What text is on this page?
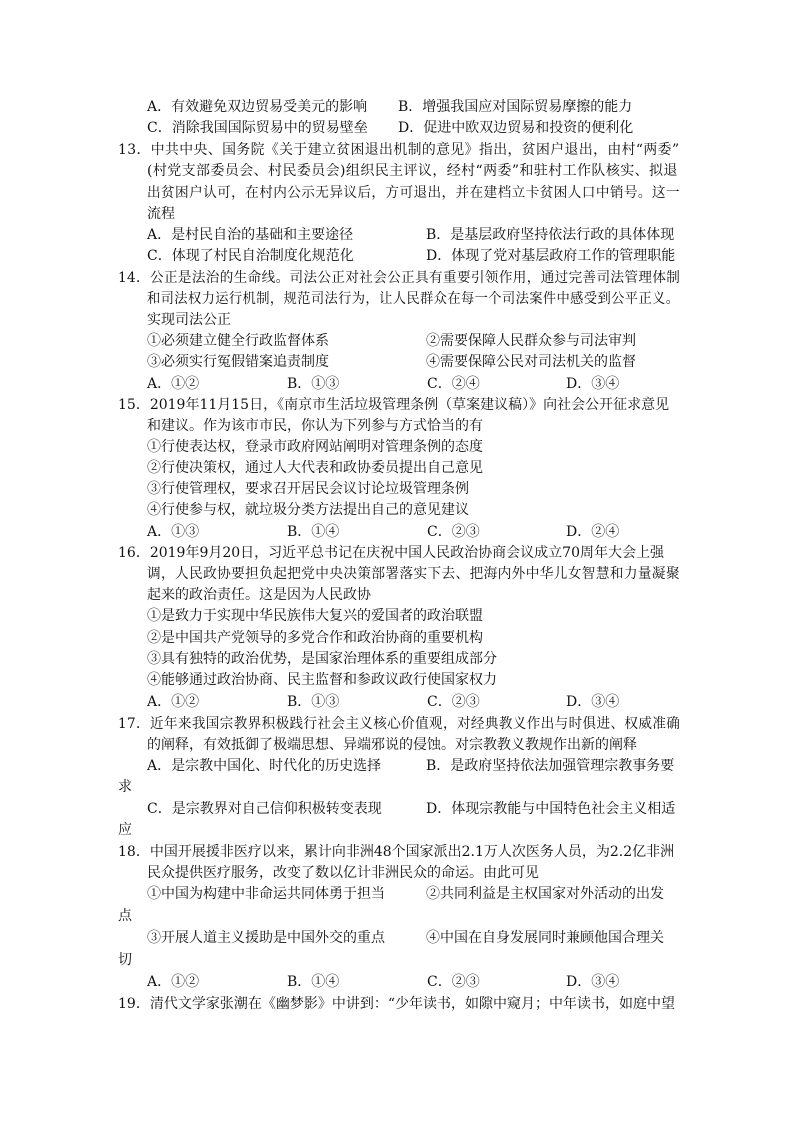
A．有效避免双边贸易受美元的影响 B．增强我国应对国际贸易摩擦的能力
C．消除我国国际贸易中的贸易壁垒 D．促进中欧双边贸易和投资的便利化
13．中共中央、国务院《关于建立贫困退出机制的意见》指出，贫困户退出，由村“两委”
(村党支部委员会、村民委员会)组织民主评议，经村“两委”和驻村工作队核实、拟退
出贫困户认可，在村内公示无异议后，方可退出，并在建档立卡贫困人口中销号。这一
流程
A．是村民自治的基础和主要途径	B．是基层政府坚持依法行政的具体体现
C．体现了村民自治制度化规范化	D．体现了党对基层政府工作的管理职能
14．公正是法治的生命线。司法公正对社会公正具有重要引领作用，通过完善司法管理体制
和司法权力运行机制，规范司法行为，让人民群众在每一个司法案件中感受到公平正义。
实现司法公正
①必须建立健全行政监督体系	②需要保障人民群众参与司法审判
③必须实行冤假错案追责制度	④需要保障公民对司法机关的监督
A．①②	B．①③	C．②④	D．③④
15．2019年11月15日，《南京市生活垃圾管理条例（草案建议稿）》向社会公开征求意见
和建议。作为该市市民，你认为下列参与方式恰当的有
①行使表达权，登录市政府网站阐明对管理条例的态度
②行使决策权，通过人大代表和政协委员提出自己意见
③行使管理权，要求召开居民会议讨论垃圾管理条例
④行使参与权，就垃圾分类方法提出自己的意见建议
A．①③	B．①④	C．②③	D．②④
16．2019年9月20日，习近平总书记在庆祝中国人民政治协商会议成立70周年大会上强
调，人民政协要担负起把党中央决策部署落实下去、把海内外中华儿女智慧和力量凝聚
起来的政治责任。这是因为人民政协
①是致力于实现中华民族伟大复兴的爱国者的政治联盟
②是中国共产党领导的多党合作和政治协商的重要机构
③具有独特的政治优势，是国家治理体系的重要组成部分
④能够通过政治协商、民主监督和参政议政行使国家权力
A．①②	B．①③	C．②③	D．③④
17．近年来我国宗教界积极践行社会主义核心价值观，对经典教义作出与时俱进、权威准确
的阐释，有效抵御了极端思想、异端邪说的侵蚀。对宗教教义教规作出新的阐释
A．是宗教中国化、时代化的历史选择	B．是政府坚持依法加强管理宗教事务要
求
C．是宗教界对自己信仰积极转变表现	D．体现宗教能与中国特色社会主义相适
应
18．中国开展援非医疗以来，累计向非洲48个国家派出2.1万人次医务人员，为2.2亿非洲
民众提供医疗服务，改变了数以亿计非洲民众的命运。由此可见
①中国为构建中非命运共同体勇于担当	②共同利益是主权国家对外活动的出发
点
③开展人道主义援助是中国外交的重点	④中国在自身发展同时兼顾他国合理关
切
A．①②	B．①④	C．②③	D．③④
19．清代文学家张潮在《幽梦影》中讲到：“少年读书，如隙中窥月；中年读书，如庭中望
